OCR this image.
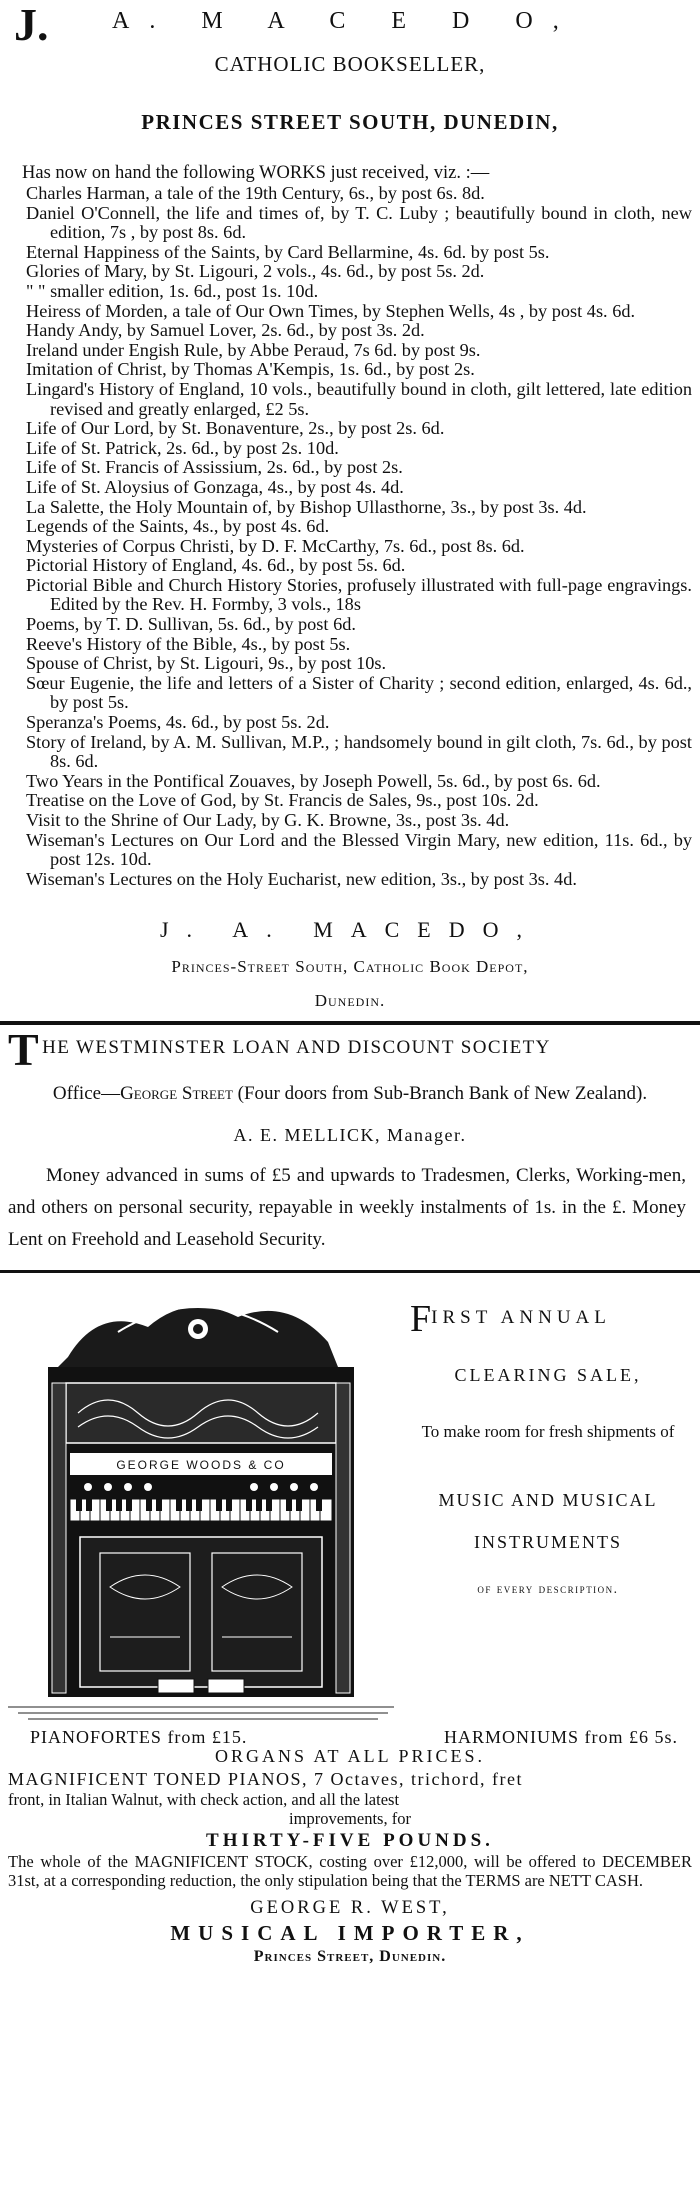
J.	A. M A C E D O,
CATHOLIC BOOKSELLER,
PRINCES STREET SOUTH, DUNEDIN,
Has now on hand the following WORKS just received, viz. :—
Charles Harman, a tale of the 19th Century, 6s., by post 6s. 8d.
Daniel O'Connell, the life and times of, by T. C. Luby ; beautifully bound in cloth, new edition, 7s , by post 8s. 6d.
Eternal Happiness of the Saints, by Card Bellarmine, 4s. 6d. by post 5s.
Glories of Mary, by St. Ligouri, 2 vols., 4s. 6d., by post 5s. 2d.
" " smaller edition, 1s. 6d., post 1s. 10d.
Heiress of Morden, a tale of Our Own Times, by Stephen Wells, 4s , by post 4s. 6d.
Handy Andy, by Samuel Lover, 2s. 6d., by post 3s. 2d.
Ireland under Engish Rule, by Abbe Peraud, 7s 6d. by post 9s.
Imitation of Christ, by Thomas A'Kempis, 1s. 6d., by post 2s.
Lingard's History of England, 10 vols., beautifully bound in cloth, gilt lettered, late edition revised and greatly enlarged, £2 5s.
Life of Our Lord, by St. Bonaventure, 2s., by post 2s. 6d.
Life of St. Patrick, 2s. 6d., by post 2s. 10d.
Life of St. Francis of Assissium, 2s. 6d., by post 2s.
Life of St. Aloysius of Gonzaga, 4s., by post 4s. 4d.
La Salette, the Holy Mountain of, by Bishop Ullasthorne, 3s., by post 3s. 4d.
Legends of the Saints, 4s., by post 4s. 6d.
Mysteries of Corpus Christi, by D. F. McCarthy, 7s. 6d., post 8s. 6d.
Pictorial History of England, 4s. 6d., by post 5s. 6d.
Pictorial Bible and Church History Stories, profusely illustrated with full-page engravings. Edited by the Rev. H. Formby, 3 vols., 18s
Poems, by T. D. Sullivan, 5s. 6d., by post 6d.
Reeve's History of the Bible, 4s., by post 5s.
Spouse of Christ, by St. Ligouri, 9s., by post 10s.
Sœur Eugenie, the life and letters of a Sister of Charity ; second edition, enlarged, 4s. 6d., by post 5s.
Speranza's Poems, 4s. 6d., by post 5s. 2d.
Story of Ireland, by A. M. Sullivan, M.P., ; handsomely bound in gilt cloth, 7s. 6d., by post 8s. 6d.
Two Years in the Pontifical Zouaves, by Joseph Powell, 5s. 6d., by post 6s. 6d.
Treatise on the Love of God, by St. Francis de Sales, 9s., post 10s. 2d.
Visit to the Shrine of Our Lady, by G. K. Browne, 3s., post 3s. 4d.
Wiseman's Lectures on Our Lord and the Blessed Virgin Mary, new edition, 11s. 6d., by post 12s. 10d.
Wiseman's Lectures on the Holy Eucharist, new edition, 3s., by post 3s. 4d.
J. A. MACEDO,
Princes-Street South, Catholic Book Depot,
Dunedin.
THE WESTMINSTER LOAN AND DISCOUNT SOCIETY
Office—George Street (Four doors from Sub-Branch Bank of New Zealand).
A. E. MELLICK, Manager.
Money advanced in sums of £5 and upwards to Tradesmen, Clerks, Working-men, and others on personal security, repayable in weekly instalments of 1s. in the £. Money Lent on Freehold and Leasehold Security.
GEORGE WOODS & CO
FIRST ANNUAL
CLEARING SALE,
To make room for fresh shipments of
MUSIC AND MUSICAL INSTRUMENTS
of every description.
PIANOFORTES from £15.	HARMONIUMS from £6 5s.
ORGANS AT ALL PRICES.
MAGNIFICENT TONED PIANOS, 7 Octaves, trichord, fret
front, in Italian Walnut, with check action, and all the latest
improvements, for
THIRTY-FIVE POUNDS.
The whole of the MAGNIFICENT STOCK, costing over £12,000, will be offered to DECEMBER 31st, at a corresponding reduction, the only stipulation being that the TERMS are NETT CASH.
GEORGE R. WEST,
MUSICAL IMPORTER,
Princes Street, Dunedin.
